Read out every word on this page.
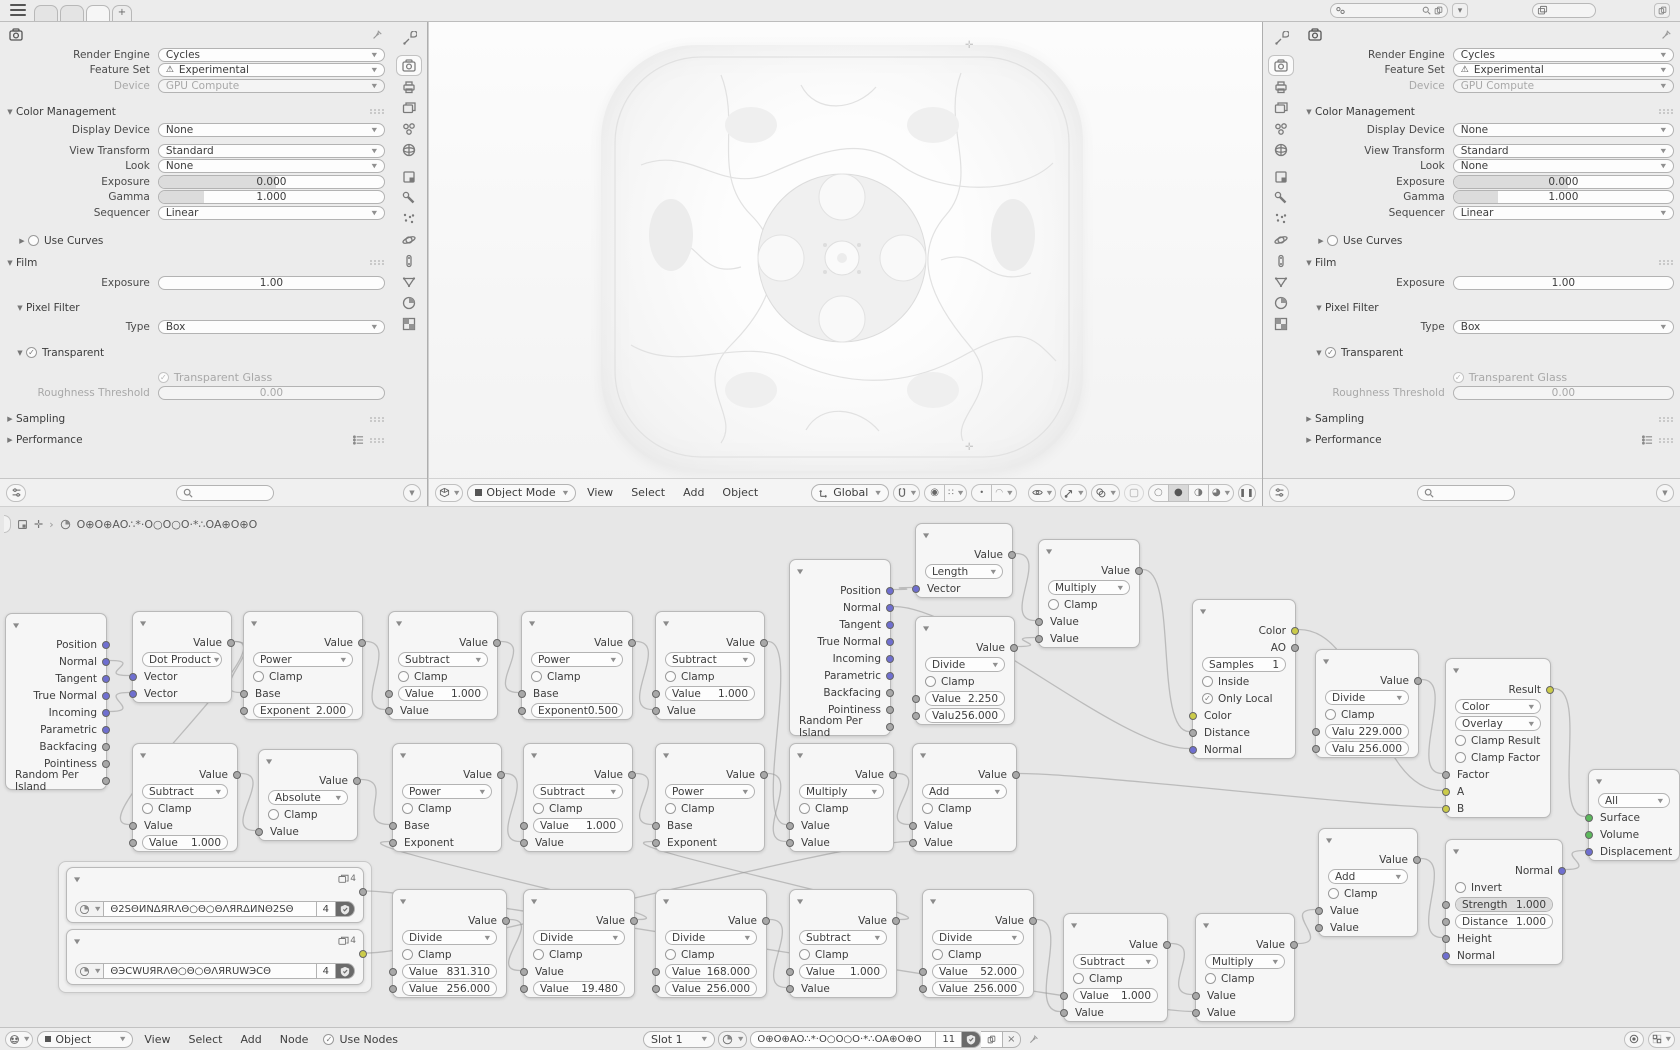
+	▾
Render Engine	Cycles	▼
Feature Set	⚠ Experimental	▼
Device	GPU Compute	▼
▼ Color Management
Display Device	None	▼
View Transform	Standard	▼
Look	None	▼
Exposure	0.000
Gamma	1.000
Sequencer	Linear	▼
▶	Use Curves
▼ Film
Exposure	1.00
▼ Pixel Filter
Type	Box	▼
▼ ✓ Transparent
✓ Transparent Glass
Roughness Threshold	0.00
▶ Sampling
▶ Performance
▼
Render Engine	Cycles	▼
Feature Set	⚠ Experimental	▼
Device	GPU Compute	▼
▼ Color Management
Display Device	None	▼
View Transform	Standard	▼
Look	None	▼
Exposure	0.000
Gamma	1.000
Sequencer	Linear	▼
▶	Use Curves
▼ Film
Exposure	1.00
▼ Pixel Filter
Type	Box	▼
▼ ✓ Transparent
✓ Transparent Glass
Roughness Threshold	0.00
▶ Sampling
▶ Performance
▼
✛
✛
▼ Object Mode	▼	View	Select	Add	Object	Global	▼	▼ ◉ ∷ ▼ • ◠ ▼	▼	▼	▼	○ ● ◑ ◕ ▼ ❚❚
✛ › O⊕O⊕AO∴*·O○O○O·*∴OA⊕O⊕O
▼
Position
Normal
Tangent
True Normal
Incoming
Parametric
Backfacing
Pointiness
Random Per Island
▼
Value
Dot Product ▼
Vector
Vector
▼
Value
Power	▼
Clamp
Base
Exponent 2.000
▼
Value
Subtract	▼
Clamp
Value 1.000
Value
▼
Value
Power	▼
Clamp
Base
Exponent 0.500
▼
Value
Subtract	▼
Clamp
Value 1.000
Value
▼
Value
Subtract	▼
Clamp
Value
Value 1.000
▼
Value
Absolute	▼
Clamp
Value
▼
Value
Power	▼
Clamp
Base
Exponent
▼
Value
Subtract	▼
Clamp
Value 1.000
Value
▼
Value
Power	▼
Clamp
Base
Exponent
▼
Value
Multiply	▼
Clamp
Value
Value
▼
Value
Add	▼
Clamp
Value
Value
▼
Position
Normal
Tangent
True Normal
Incoming
Parametric
Backfacing
Pointiness
Random Per Island
▼
Value
Length	▼
Vector
▼
Value
Multiply	▼
Clamp
Value
Value
▼
Value
Divide	▼
Clamp
Value 2.250
Valu 256.000
▼
Color
AO
Samples 1
Inside
✓ Only Local
Color
Distance
Normal
▼
Value
Divide	▼
Clamp
Valu 229.000
Valu 256.000
▼
Value
Add	▼
Clamp
Value
Value
▼
Result
Color	▼
Overlay	▼
Clamp Result
Clamp Factor
Factor
A
B
▼
All	▼
Surface
Volume
Displacement
▼
Normal
Invert
Strength 1.000
Distance 1.000
Height
Normal
▼
Value
Divide	▼
Clamp
Value 831.310
Value 256.000
▼
Value
Divide	▼
Clamp
Value
Value 19.480
▼
Value
Divide	▼
Clamp
Value 168.000
Value 256.000
▼
Value
Subtract	▼
Clamp
Value 1.000
Value
▼
Value
Divide	▼
Clamp
Value 52.000
Value 256.000
▼
Value
Subtract	▼
Clamp
Value 1.000
Value
▼
Value
Multiply	▼
Clamp
Value
Value
▼	4
▼ Θ2SΘИNΔЯRΛΘ○Θ○ΘΛЯRΔИNΘ2SΘ	4
▼	4
▼ ΘЭCWUЯRΛΘ○Θ○ΘΛЯRUWЭCΘ	4
▼ Object	▼	View	Select	Add	Node	✓ Use Nodes	Slot 1	▼	▼ O⊕O⊕AO∴*·O○O○O·*∴OA⊕O⊕O 11	×	▼
